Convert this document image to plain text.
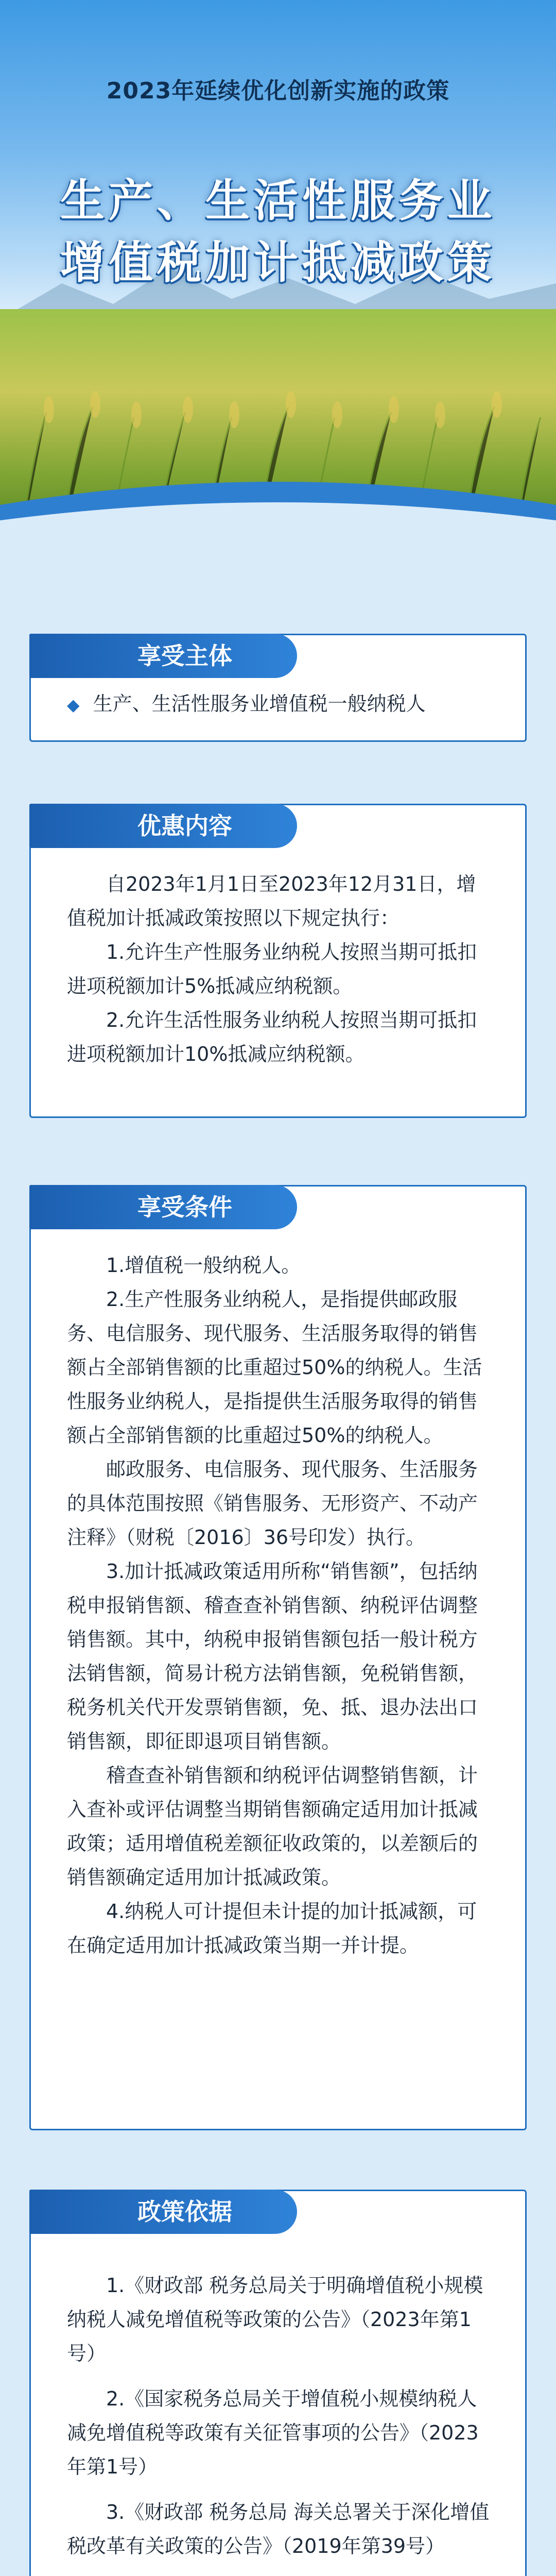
2023年延续优化创新实施的政策
生产、生活性服务业
增值税加计抵减政策
享受主体

◆ 生产、生活性服务业增值税一般纳税人

优惠内容

自2023年1月1日至2023年12月31日，增值税加计抵减政策按照以下规定执行：

1.允许生产性服务业纳税人按照当期可抵扣进项税额加计5%抵减应纳税额。

2.允许生活性服务业纳税人按照当期可抵扣进项税额加计10%抵减应纳税额。

享受条件

1.增值税一般纳税人。

2.生产性服务业纳税人，是指提供邮政服务、电信服务、现代服务、生活服务取得的销售额占全部销售额的比重超过50%的纳税人。生活性服务业纳税人，是指提供生活服务取得的销售额占全部销售额的比重超过50%的纳税人。

邮政服务、电信服务、现代服务、生活服务的具体范围按照《销售服务、无形资产、不动产注释》（财税〔2016〕36号印发）执行。

3.加计抵减政策适用所称“销售额”，包括纳税申报销售额、稽查查补销售额、纳税评估调整销售额。其中，纳税申报销售额包括一般计税方法销售额，简易计税方法销售额，免税销售额，税务机关代开发票销售额，免、抵、退办法出口销售额，即征即退项目销售额。

稽查查补销售额和纳税评估调整销售额，计入查补或评估调整当期销售额确定适用加计抵减政策；适用增值税差额征收政策的，以差额后的销售额确定适用加计抵减政策。

4.纳税人可计提但未计提的加计抵减额，可在确定适用加计抵减政策当期一并计提。

政策依据

1.《财政部 税务总局关于明确增值税小规模纳税人减免增值税等政策的公告》（2023年第1号）

2.《国家税务总局关于增值税小规模纳税人减免增值税等政策有关征管事项的公告》（2023年第1号）

3.《财政部 税务总局 海关总署关于深化增值税改革有关政策的公告》（2019年第39号）
